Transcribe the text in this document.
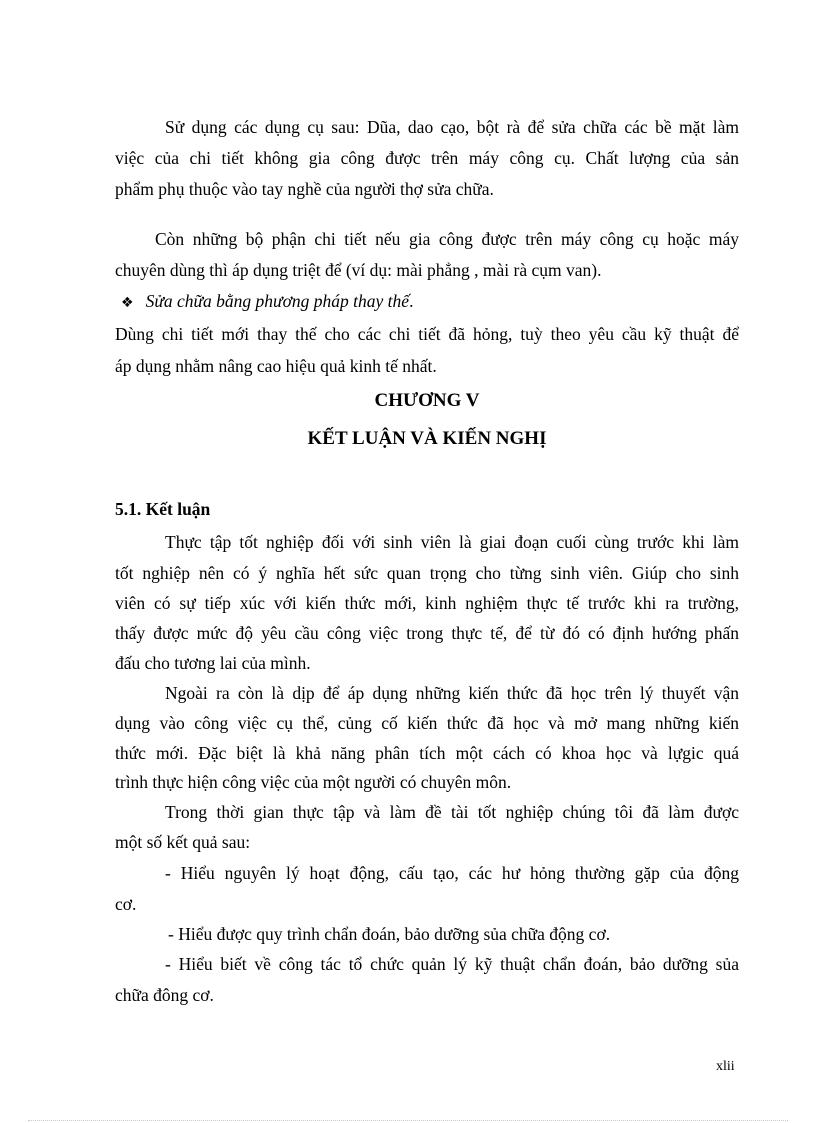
Sử dụng các dụng cụ sau: Dũa, dao cạo, bột rà để sửa chữa các bề mặt làm
việc của chi tiết không gia công được trên máy công cụ. Chất lượng của sản
phẩm phụ thuộc vào tay nghề của người thợ sửa chữa.
Còn những bộ phận chi tiết nếu gia công được trên máy công cụ hoặc máy
chuyên dùng thì áp dụng triệt để (ví dụ: mài phẳng , mài rà cụm van).
❖ Sửa chữa bằng phương pháp thay thế.
Dùng chi tiết mới thay thế cho các chi tiết đã hỏng, tuỳ theo yêu cầu kỹ thuật để
áp dụng nhằm nâng cao hiệu quả kinh tế nhất.
CHƯƠNG V
KẾT LUẬN VÀ KIẾN NGHỊ
5.1. Kết luận
Thực tập tốt nghiệp đối với sinh viên là giai đoạn cuối cùng trước khi làm
tốt nghiệp nên có ý nghĩa hết sức quan trọng cho từng sinh viên. Giúp cho sinh
viên có sự tiếp xúc với kiến thức mới, kinh nghiệm thực tế trước khi ra trường,
thấy được mức độ yêu cầu công việc trong thực tế, để từ đó có định hướng phấn
đấu cho tương lai của mình.
Ngoài ra còn là dịp để áp dụng những kiến thức đã học trên lý thuyết vận
dụng vào công việc cụ thể, củng cố kiến thức đã học và mở mang những kiến
thức mới. Đặc biệt là khả năng phân tích một cách có khoa học và lựgic quá
trình thực hiện công việc của một người có chuyên môn.
Trong thời gian thực tập và làm đề tài tốt nghiệp chúng tôi đã làm được
một số kết quả sau:
- Hiểu nguyên lý hoạt động, cấu tạo, các hư hỏng thường gặp của động
cơ.
- Hiểu được quy trình chẩn đoán, bảo dưỡng sủa chữa động cơ.
- Hiểu biết về công tác tổ chức quản lý kỹ thuật chẩn đoán, bảo dưỡng sủa
chữa đông cơ.
xlii
